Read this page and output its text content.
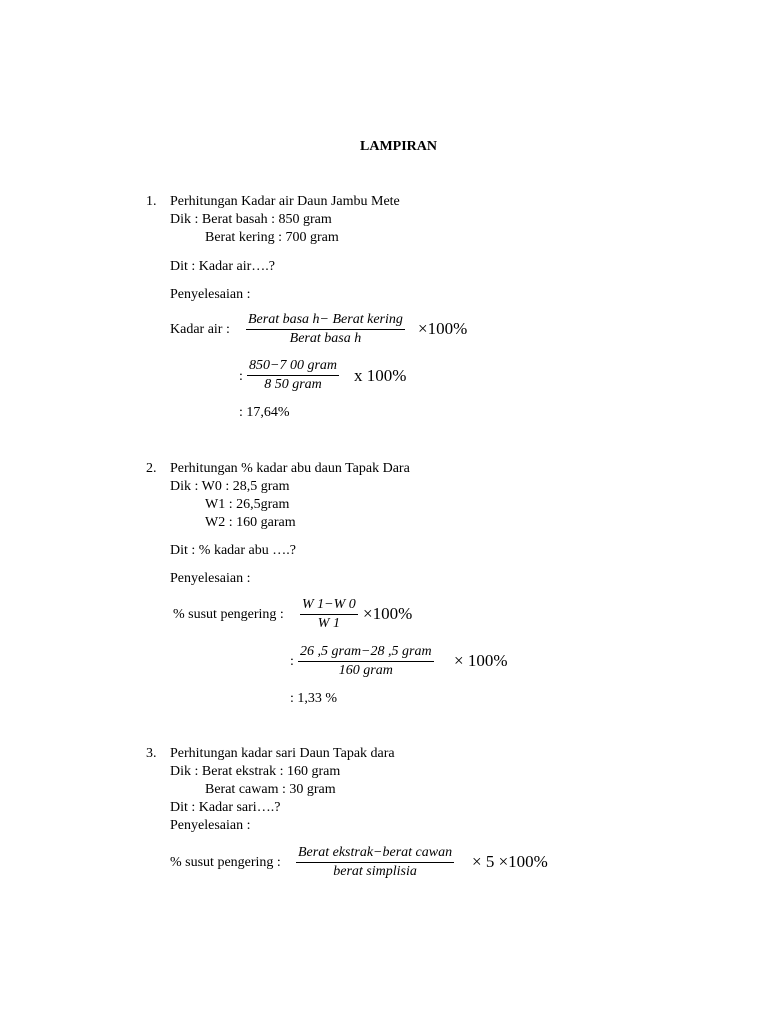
LAMPIRAN
1. Perhitungan Kadar air Daun Jambu Mete
Dik : Berat basah : 850 gram
Berat kering : 700 gram
Dit : Kadar air….?
Penyelesaian :
Kadar air :
Berat basa h− Berat kering
Berat basa h
×100%
:
850−7 00 gram
8 50 gram x 100%
: 17,64%
2. Perhitungan % kadar abu daun Tapak Dara
Dik : W0 : 28,5 gram
W1 : 26,5gram
W2 : 160 garam
Dit : % kadar abu ….?
Penyelesaian :
% susut pengering :
W 1−W 0
W 1
×100%
:
26 ,5 gram−28 ,5 gram
160 gram
× 100%
: 1,33 %
3. Perhitungan kadar sari Daun Tapak dara
Dik : Berat ekstrak : 160 gram
Berat cawam : 30 gram
Dit : Kadar sari….?
Penyelesaian :
% susut pengering :
Berat ekstrak−berat cawan
berat simplisia
× 5 ×100%
